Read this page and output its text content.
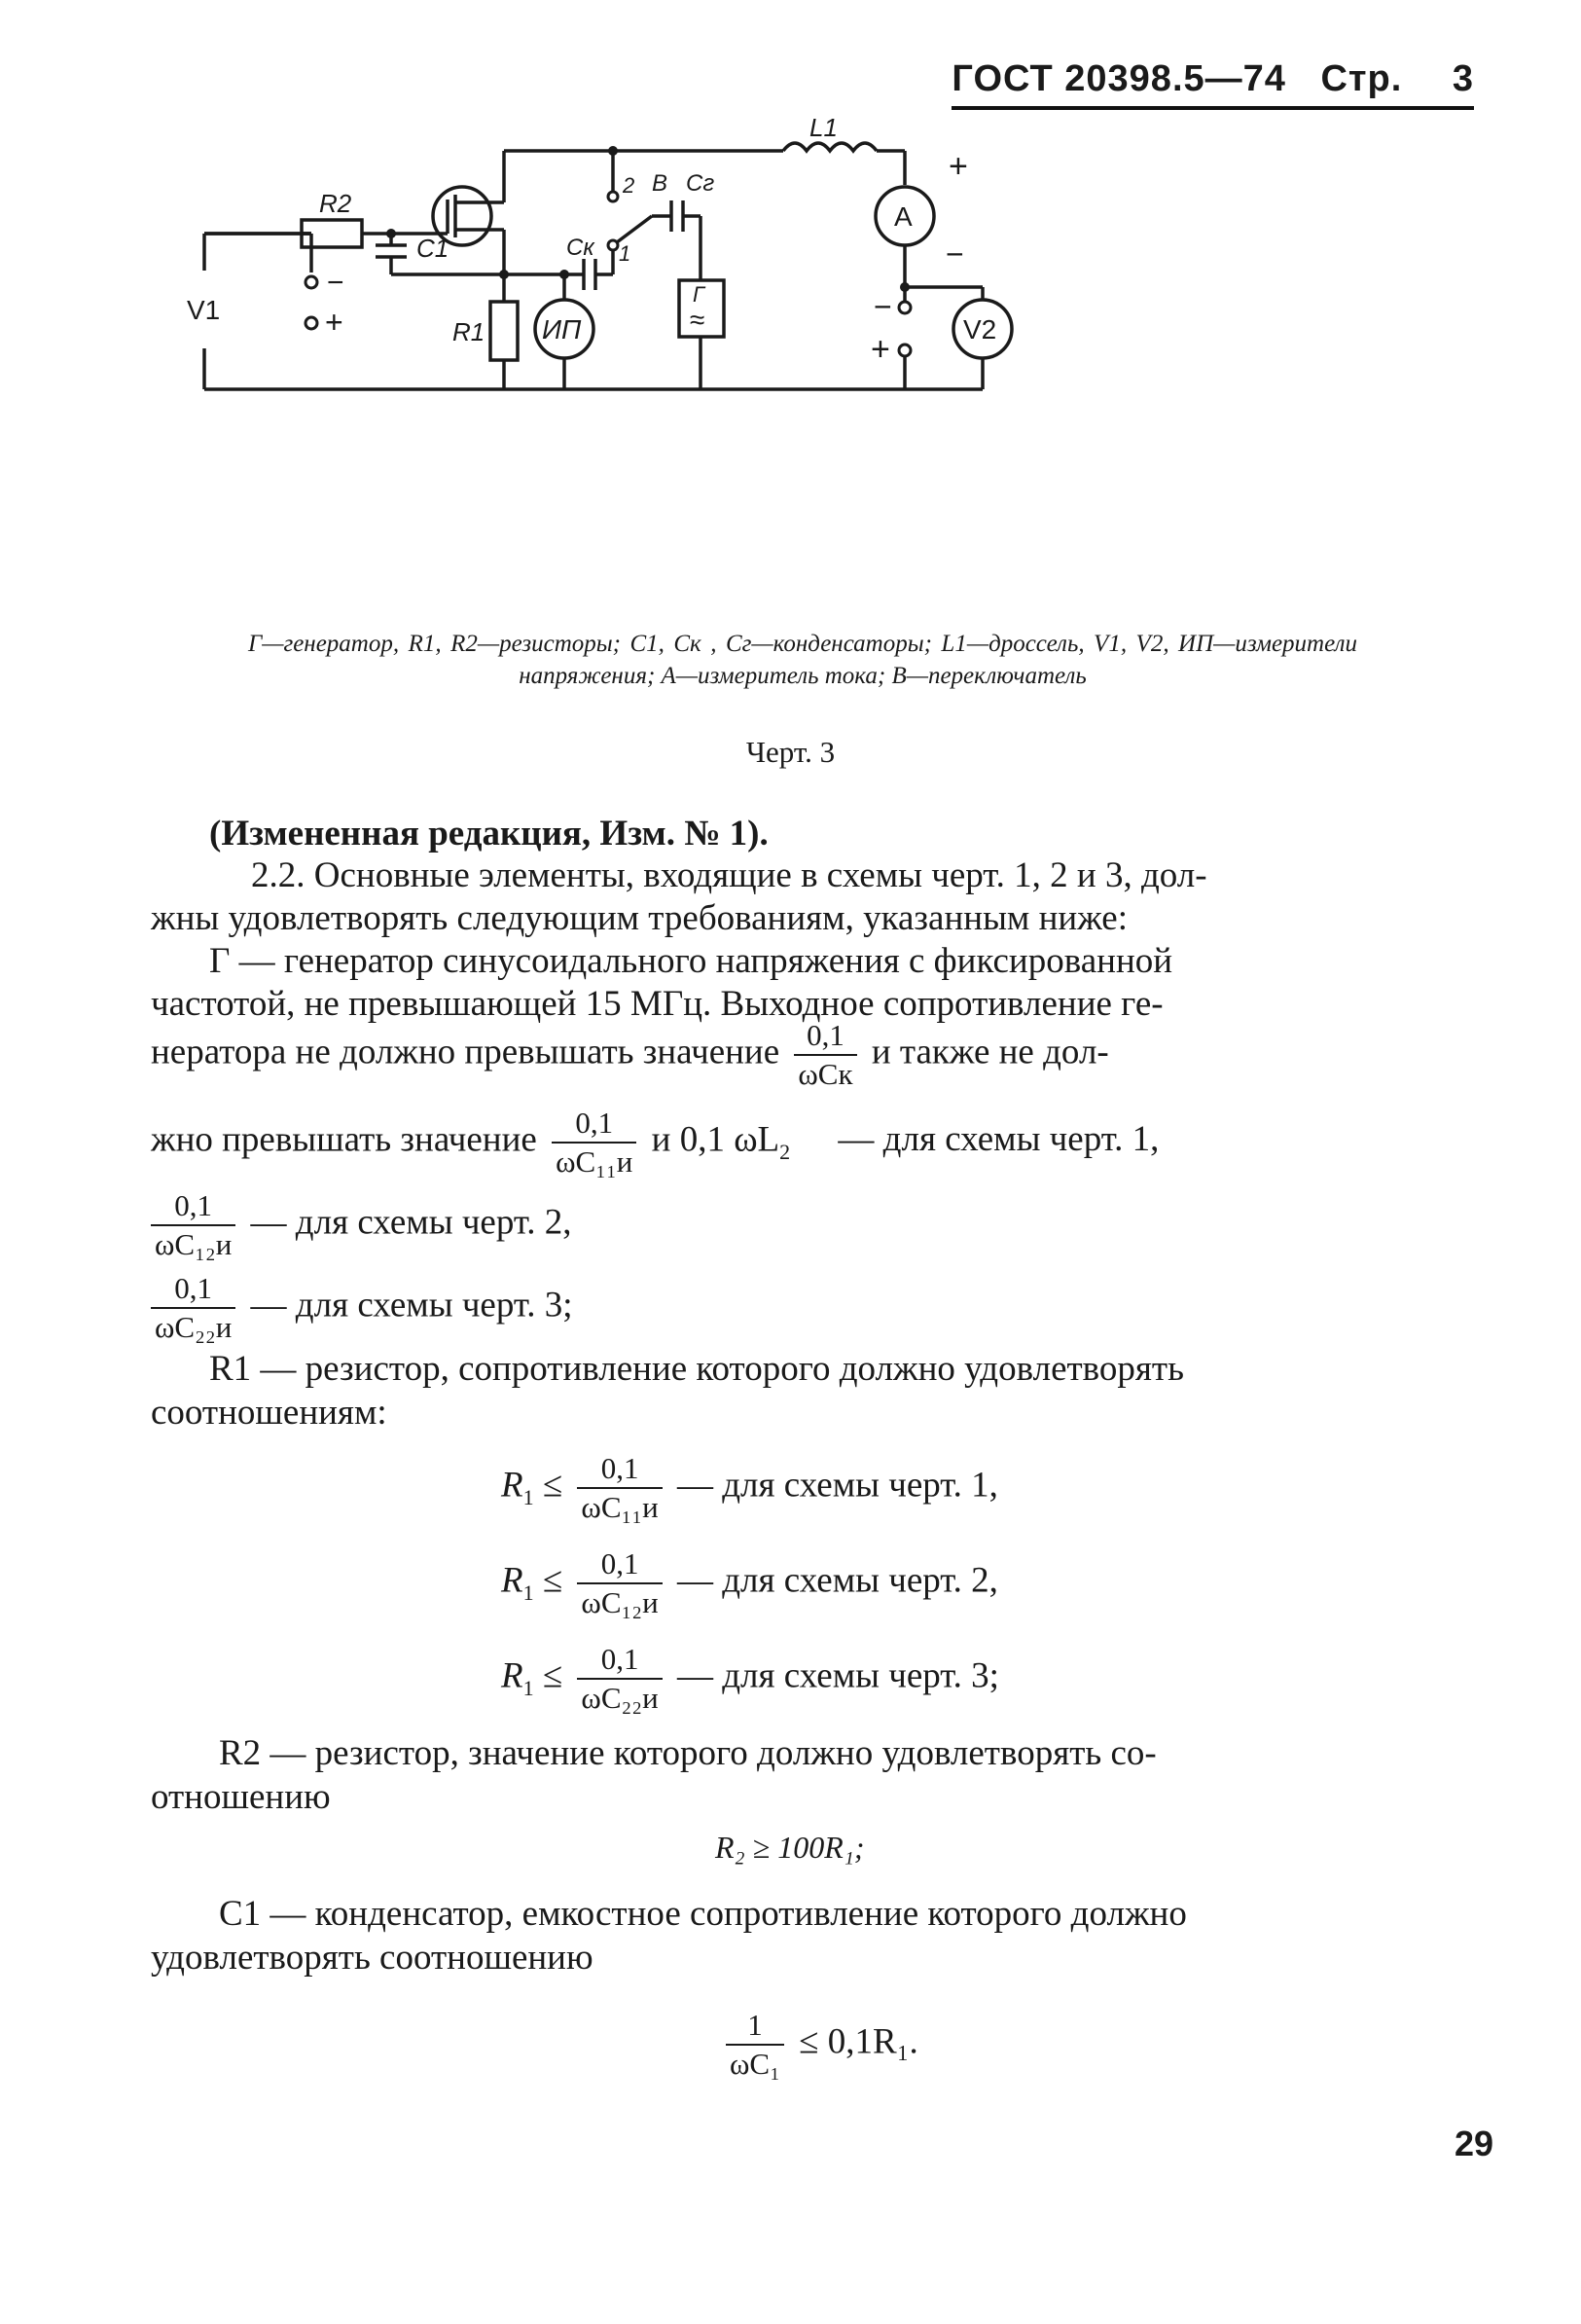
ГОСТ 20398.5—74 Стр. 3
L1
R2
C1
R1
V1
V2
ИП
A
Ск
Сг
В
Г
≈
2
1
−
+
+
−
−
+
Г—генератор, R1, R2—резисторы; С1, Ск , Сг—конденсаторы; L1—дроссель, V1, V2, ИП—измерители напряжения; А—измеритель тока; В—переключатель
Черт. 3
(Измененная редакция, Изм. № 1).
2.2. Основные элементы, входящие в схемы черт. 1, 2 и 3, дол-
жны удовлетворять следующим требованиям, указанным ниже:
Г — генератор синусоидального напряжения с фиксированной
частотой, не превышающей 15 МГц. Выходное сопротивление ге-
нератора не должно превышать значение 0,1
ωCк
и также не дол-
жно превышать значение	0,1
ωC₁₁и
и 0,1 $\omega L_2$ — для схемы черт. 1,
0,1
ωC₁₂и
— для схемы черт. 2,
0,1
ωC₂₂и
— для схемы черт. 3;
R1 — резистор, сопротивление которого должно удовлетворять
соотношениям:
$R_1$ ≤	0,1
ωC₁₁и
— для схемы черт. 1,
$R_1$ ≤	0,1
ωC₁₂и
— для схемы черт. 2,
$R_1$ ≤	0,1
ωC₂₂и
— для схемы черт. 3;
R2 — резистор, значение которого должно удовлетворять со-
отношению
R₂ ≥ 100R₁;
C1 — конденсатор, емкостное сопротивление которого должно
удовлетворять соотношению
$\frac{1}{\text{ωC₁}} \le 0,1R_1$.
29
